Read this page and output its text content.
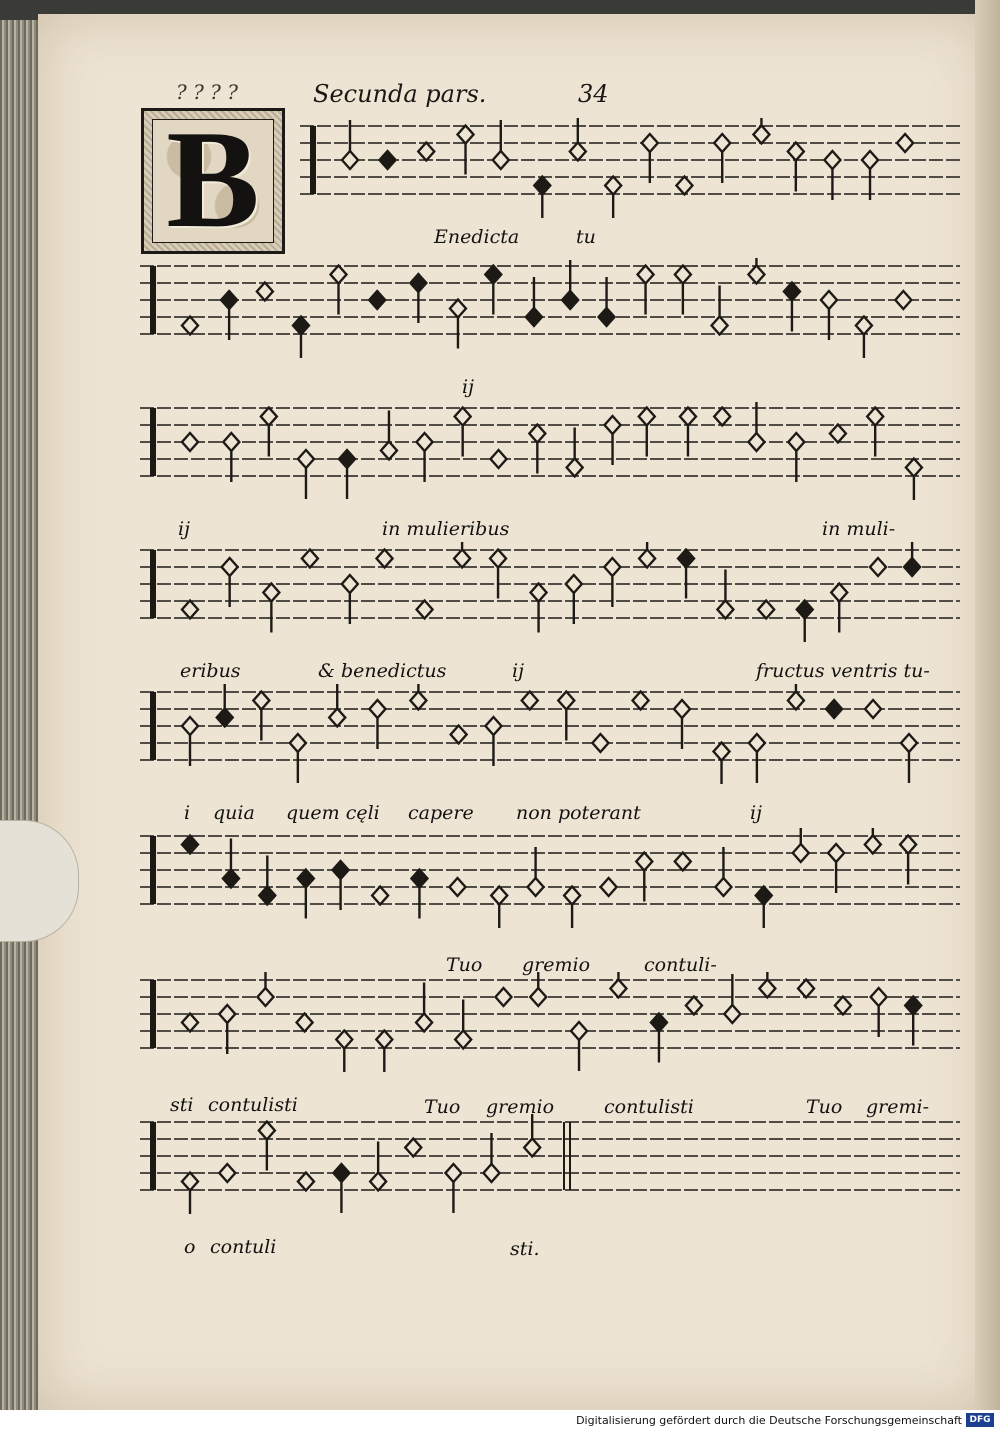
? ? ? ?	Secunda pars.	34
B	Enedicta	tu
ij
ij	in mulieribus	in muli-
eribus	& benedictus	ij	fructus ventris tu-
i quia quem cęli capere non poterant	ij
Tuo gremio	contuli-
sti contulisti	Tuo gremio	contulisti	Tuo gremi-
o contuli	sti.
Digitalisierung gefördert durch die Deutsche Forschungsgemeinschaft DFG
